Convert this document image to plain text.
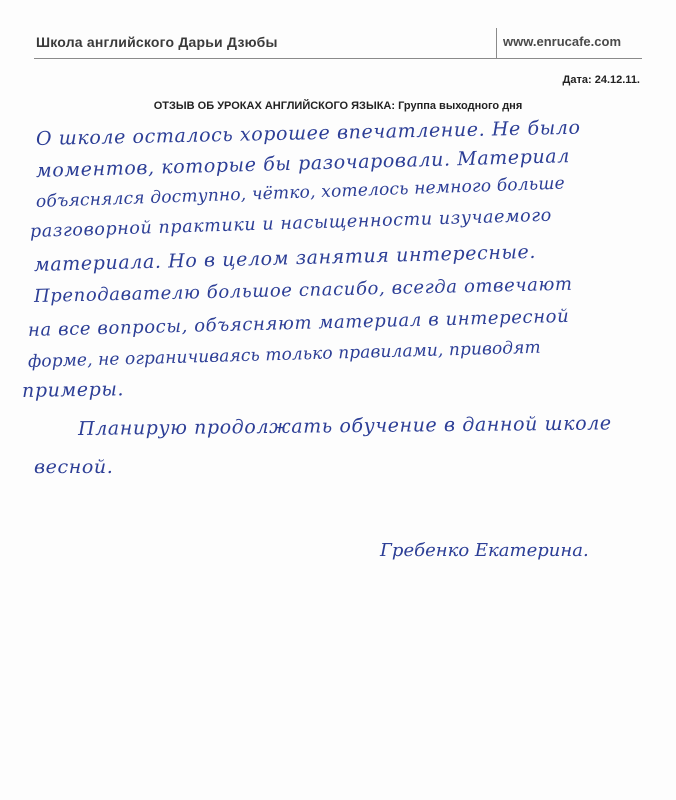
Школа английского Дарьи Дзюбы	www.enrucafe.com
Дата: 24.12.11.
ОТЗЫВ ОБ УРОКАХ АНГЛИЙСКОГО ЯЗЫКА: Группа выходного дня
О школе осталось хорошее впечатление. Не было
моментов, которые бы разочаровали. Материал
объяснялся доступно, чётко, хотелось немного больше
разговорной практики и насыщенности изучаемого
материала. Но в целом занятия интересные.
Преподавателю большое спасибо, всегда отвечают
на все вопросы, объясняют материал в интересной
форме, не ограничиваясь только правилами, приводят
примеры.
Планирую продолжать обучение в данной школе
весной.
Гребенко Екатерина.
